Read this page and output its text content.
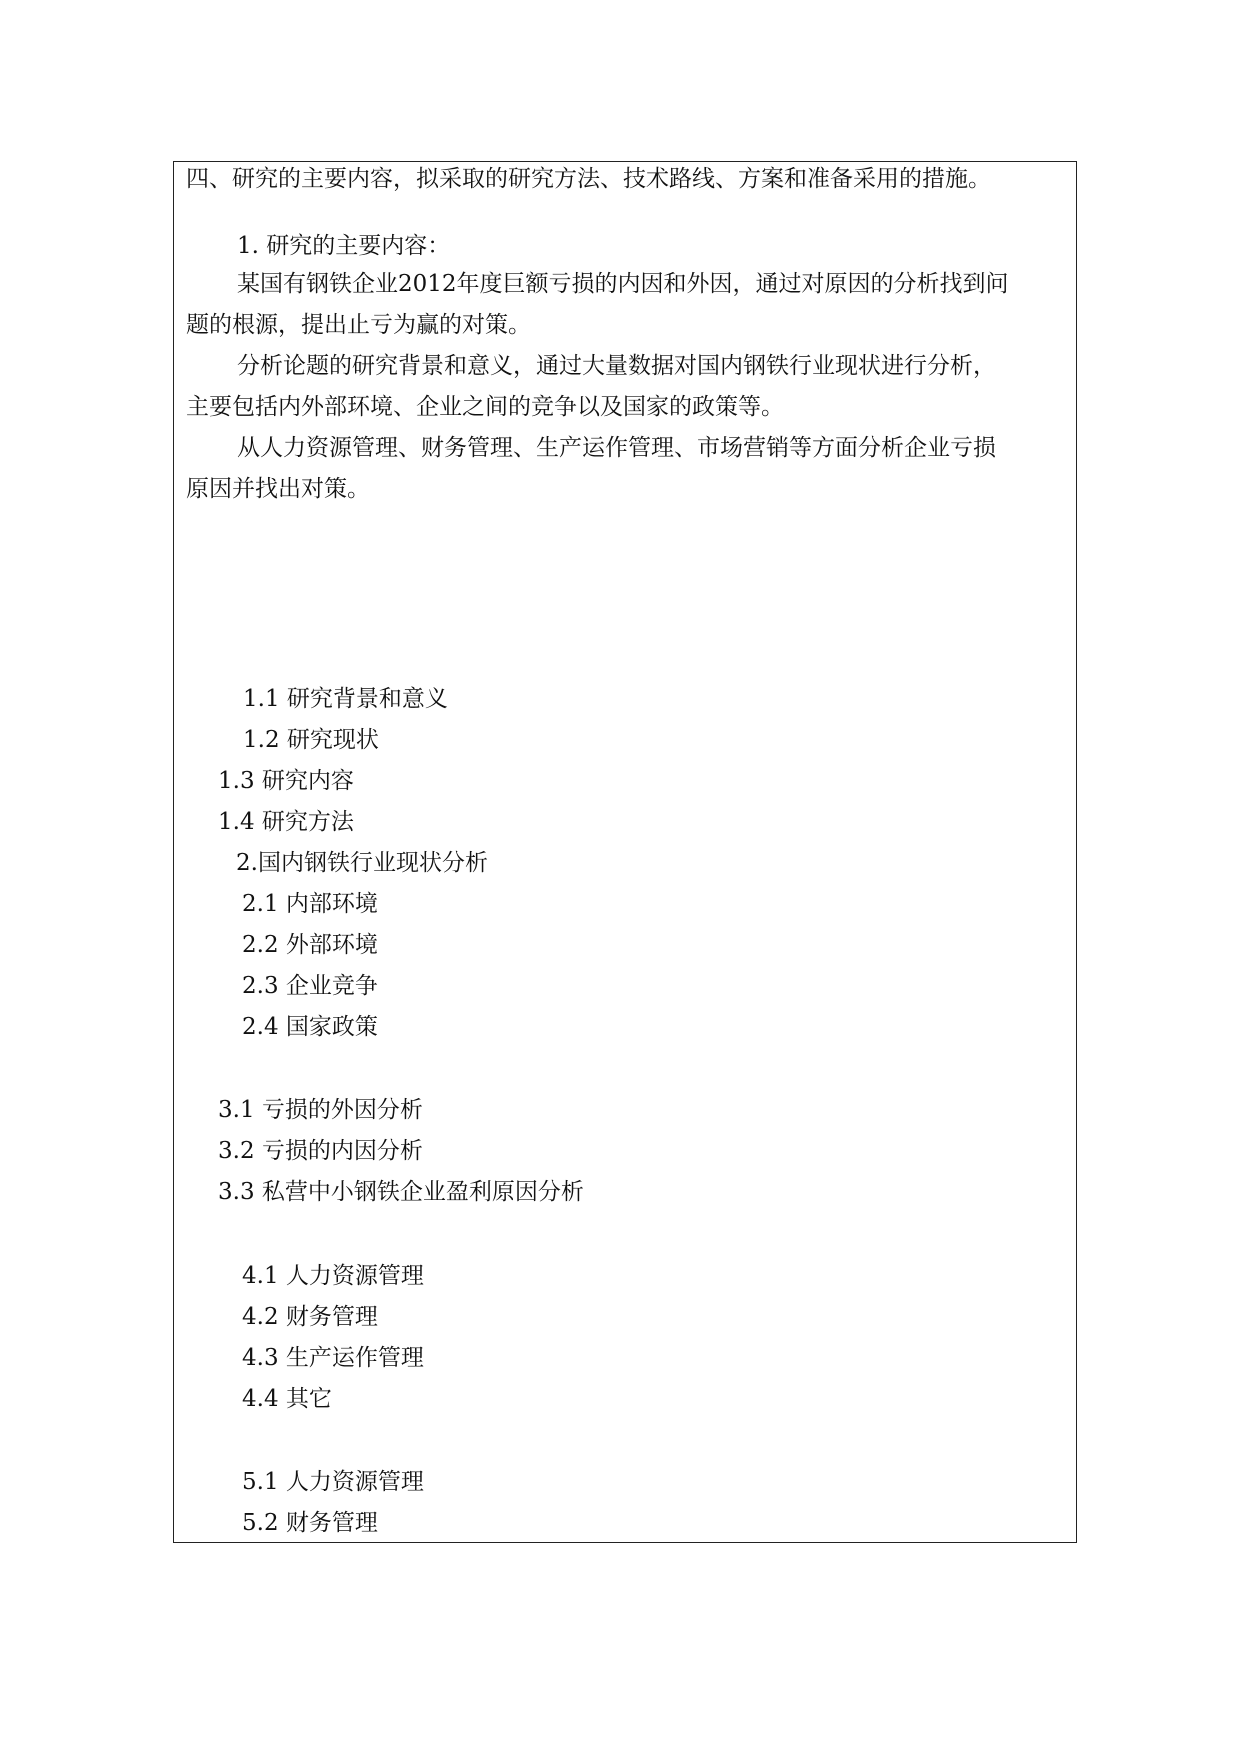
四、研究的主要内容，拟采取的研究方法、技术路线、方案和准备采用的措施。
1. 研究的主要内容：
某国有钢铁企业2012年度巨额亏损的内因和外因，通过对原因的分析找到问
题的根源，提出止亏为赢的对策。
分析论题的研究背景和意义，通过大量数据对国内钢铁行业现状进行分析，
主要包括内外部环境、企业之间的竞争以及国家的政策等。
从人力资源管理、财务管理、生产运作管理、市场营销等方面分析企业亏损
原因并找出对策。
1.1 研究背景和意义
1.2 研究现状
1.3 研究内容
1.4 研究方法
2.国内钢铁行业现状分析
2.1 内部环境
2.2 外部环境
2.3 企业竞争
2.4 国家政策
3.1 亏损的外因分析
3.2 亏损的内因分析
3.3 私营中小钢铁企业盈利原因分析
4.1 人力资源管理
4.2 财务管理
4.3 生产运作管理
4.4 其它
5.1 人力资源管理
5.2 财务管理
